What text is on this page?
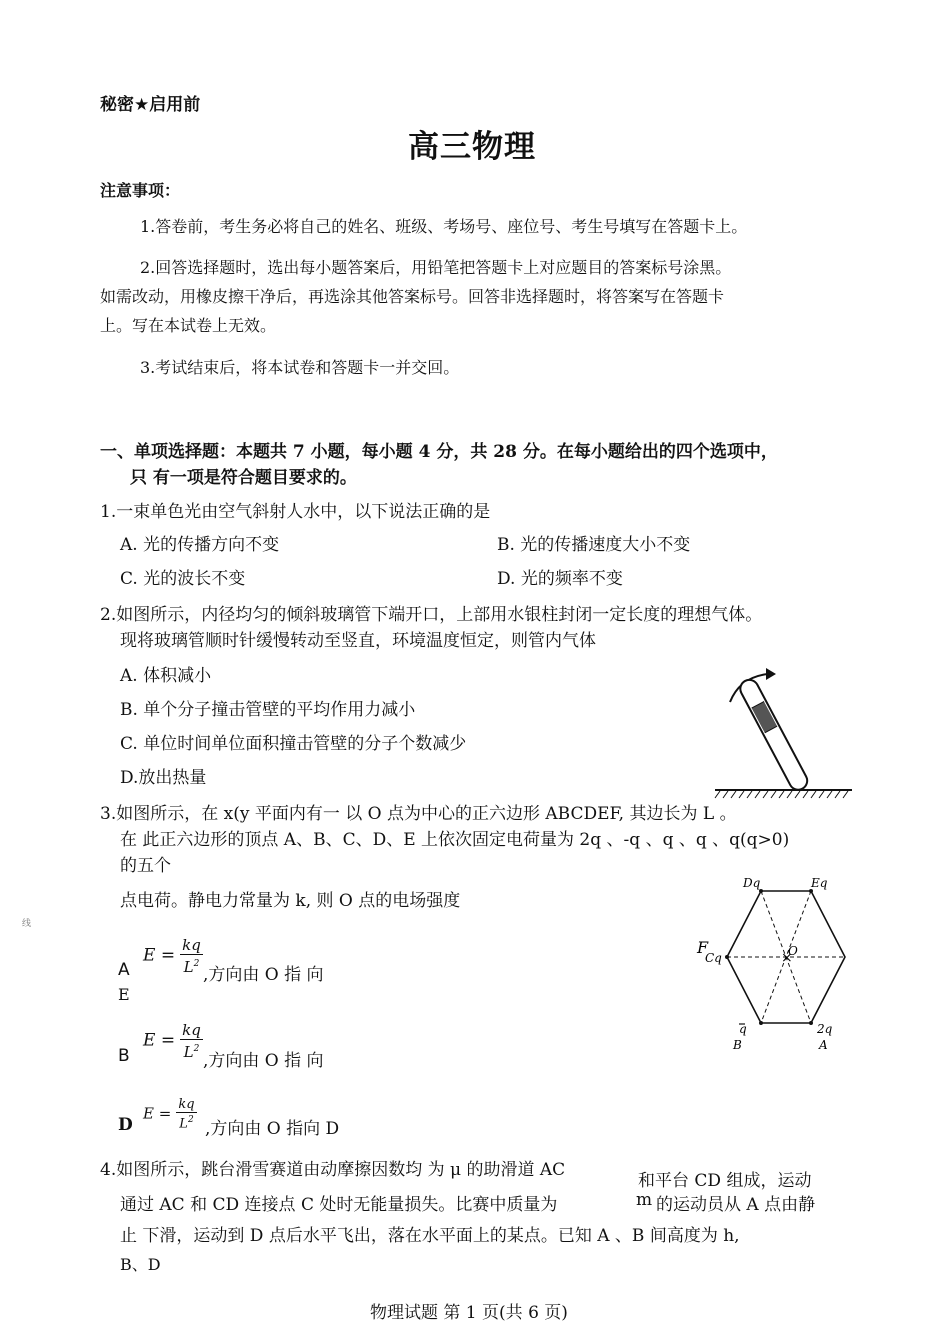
秘密★启用前
高三物理
注意事项：
1.答卷前，考生务必将自己的姓名、班级、考场号、座位号、考生号填写在答题卡上。
2.回答选择题时，选出每小题答案后，用铅笔把答题卡上对应题目的答案标号涂黑。
如需改动，用橡皮擦干净后，再选涂其他答案标号。回答非选择题时，将答案写在答题卡
上。写在本试卷上无效。
3.考试结束后，将本试卷和答题卡一并交回。
一、单项选择题：本题共 7 小题，每小题 4 分，共 28 分。在每小题给出的四个选项中，
只 有一项是符合题目要求的。
1.一束单色光由空气斜射人水中，以下说法正确的是
A. 光的传播方向不变	B. 光的传播速度大小不变
C. 光的波长不变	D. 光的频率不变
2.如图所示，内径均匀的倾斜玻璃管下端开口，上部用水银柱封闭一定长度的理想气体。
现将玻璃管顺时针缓慢转动至竖直，环境温度恒定，则管内气体
A. 体积减小
B. 单个分子撞击管壁的平均作用力减小
C. 单位时间单位面积撞击管壁的分子个数减少
D.放出热量
3.如图所示，在 x(y 平面内有一 以 O 点为中心的正六边形 ABCDEF, 其边长为 L 。
在 此正六边形的顶点 A、B、C、D、E 上依次固定电荷量为 2q 、-q 、q 、q 、q(q>0)
的五个
点电荷。静电力常量为 k, 则 O 点的电场强度
线
A
$E = \frac{kq}{L^2}$ ,方向由 O 指 向
E
B
$E = \frac{kq}{L^2}$ ,方向由 O 指 向
D
$E = \frac{kq}{L^2}$ ,方向由 O 指向 D
×
Dq	Eq
F
Cq	O
q	2q
B	A
4.如图所示，跳台滑雪赛道由动摩擦因数均 为 μ 的助滑道 AC
和平台 CD 组成，运动
通过 AC 和 CD 连接点 C 处时无能量损失。比赛中质量为	m 的运动员从 A 点由静
止 下滑，运动到 D 点后水平飞出，落在水平面上的某点。已知 A 、B 间高度为 h,
B、D
物理试题 第 1 页(共 6 页)
